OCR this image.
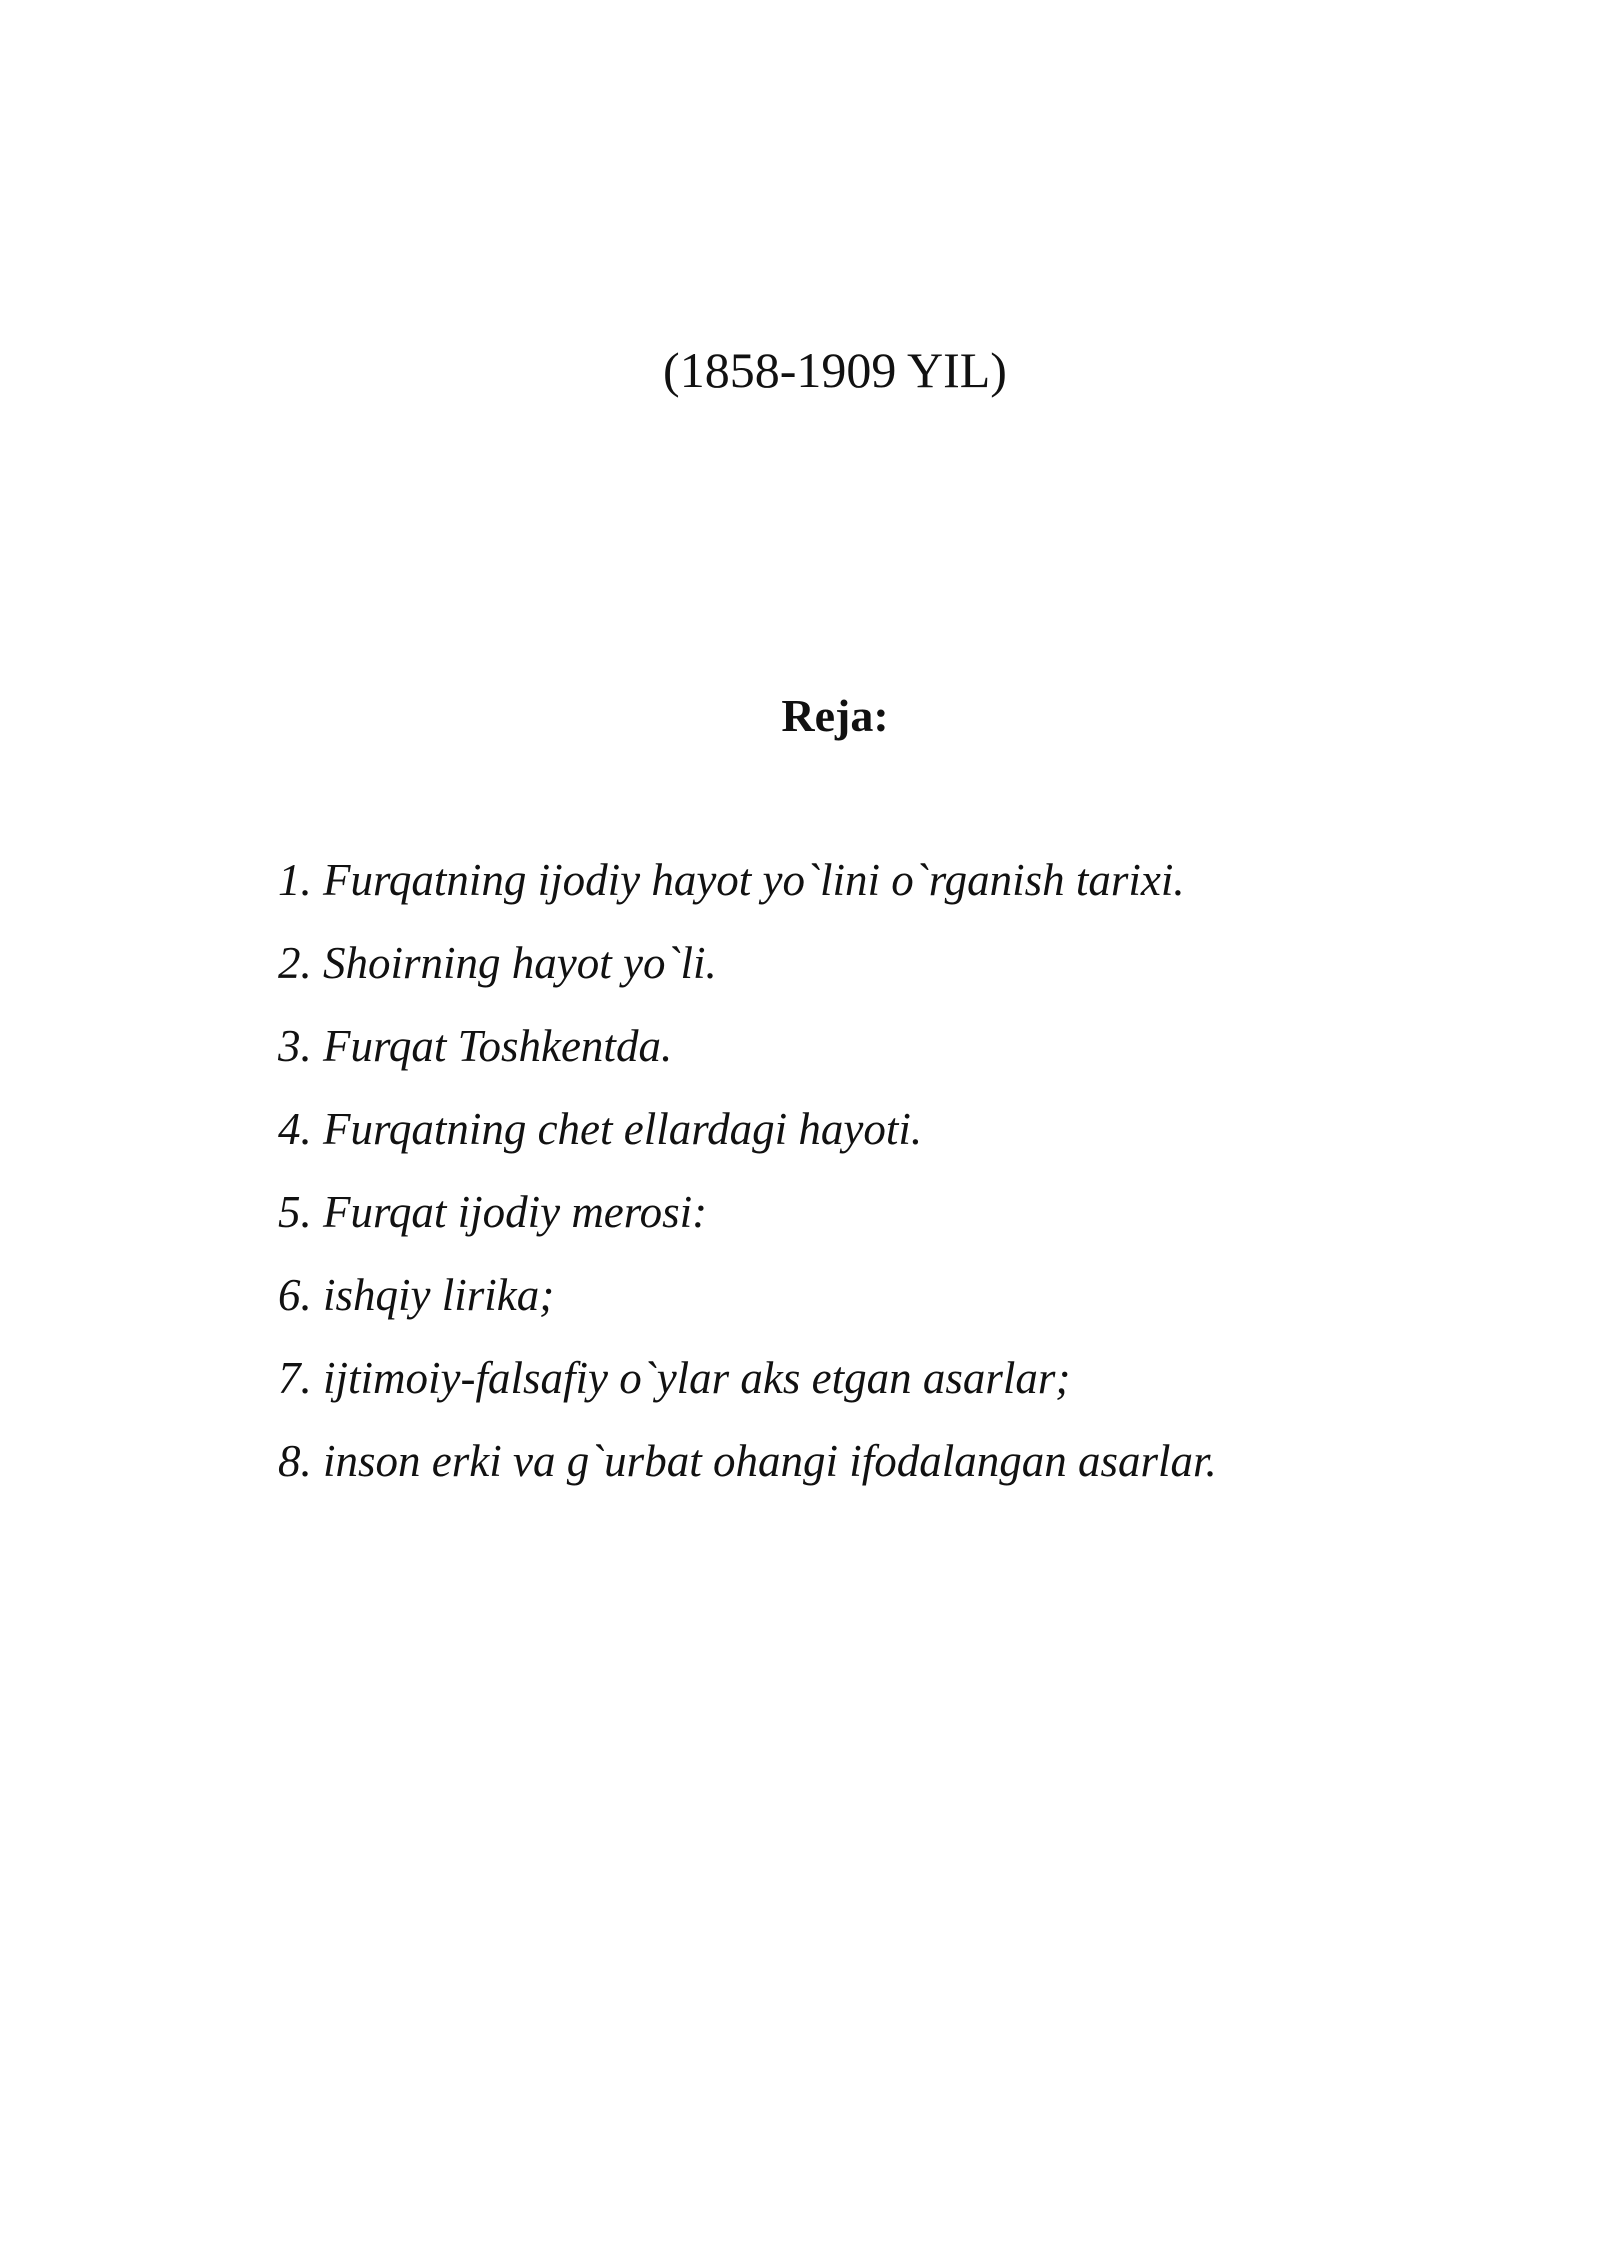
(1858-1909 YIL)
Reja:
1. Furqatning ijodiy hayot yo`lini o`rganish tarixi.
2. Shoirning hayot yo`li.
3. Furqat Toshkentda.
4. Furqatning chet ellardagi hayoti.
5. Furqat ijodiy merosi:
6. ishqiy lirika;
7. ijtimoiy-falsafiy o`ylar aks etgan asarlar;
8. inson erki va g`urbat ohangi ifodalangan asarlar.
